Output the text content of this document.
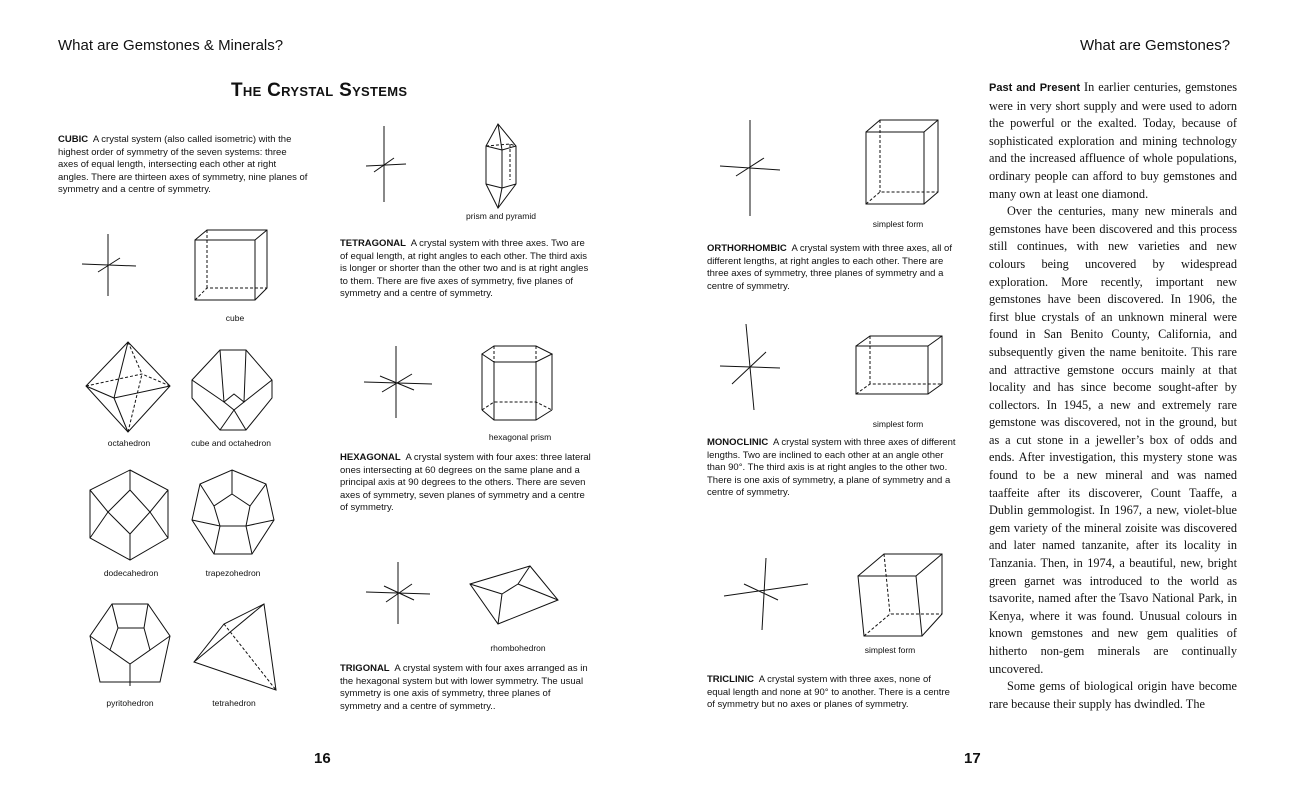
What are Gemstones & Minerals?
The Crystal Systems
CUBIC A crystal system (also called isometric) with the highest order of symmetry of the seven systems: three axes of equal length, intersecting each other at right angles. There are thirteen axes of symmetry, nine planes of symmetry and a centre of symmetry.
cube
octahedron	cube and octahedron
dodecahedron	trapezohedron
pyritohedron	tetrahedron
prism and pyramid
TETRAGONAL A crystal system with three axes. Two are of equal length, at right angles to each other. The third axis is longer or shorter than the other two and is at right angles to them. There are five axes of symmetry, five planes of symmetry and a centre of symmetry.
hexagonal prism
HEXAGONAL A crystal system with four axes: three lateral ones intersecting at 60 degrees on the same plane and a principal axis at 90 degrees to the others. There are seven axes of symmetry, seven planes of symmetry and a centre of symmetry.
rhombohedron
TRIGONAL A crystal system with four axes arranged as in the hexagonal system but with lower symmetry. The usual symmetry is one axis of symmetry, three planes of symmetry and a centre of symmetry..
16
What are Gemstones?
simplest form
ORTHORHOMBIC A crystal system with three axes, all of different lengths, at right angles to each other. There are three axes of symmetry, three planes of symmetry and a centre of symmetry.
simplest form
MONOCLINIC A crystal system with three axes of different lengths. Two are inclined to each other at an angle other than 90°. The third axis is at right angles to the other two. There is one axis of symmetry, a plane of symmetry and a centre of symmetry.
simplest form
TRICLINIC A crystal system with three axes, none of equal length and none at 90° to another. There is a centre of symmetry but no axes or planes of symmetry.

Past and Present In earlier centuries, gemstones were in very short supply and were used to adorn the powerful or the exalted. Today, because of sophisticated exploration and mining technology and the increased affluence of whole populations, ordinary people can afford to buy gemstones and many own at least one diamond.

Over the centuries, many new minerals and gemstones have been discovered and this process still continues, with new varieties and new colours being uncovered by widespread exploration. More recently, important new gemstones have been discovered. In 1906, the first blue crystals of an unknown mineral were found in San Benito County, California, and subsequently given the name benitoite. This rare and attractive gemstone occurs mainly at that locality and has since become sought-after by collectors. In 1945, a new and extremely rare gemstone was discovered, not in the ground, but as a cut stone in a jeweller’s box of odds and ends. After investigation, this mystery stone was found to be a new mineral and was named taaffeite after its discoverer, Count Taaffe, a Dublin gemmologist. In 1967, a new, violet-blue gem variety of the mineral zoisite was discovered and later named tanzanite, after its locality in Tanzania. Then, in 1974, a beautiful, new, bright green garnet was introduced to the world as tsavorite, named after the Tsavo National Park, in Kenya, where it was found. Unusual colours in known gemstones and new gem qualities of hitherto non-gem minerals are continually uncovered.

Some gems of biological origin have become rare because their supply has dwindled. The

17
